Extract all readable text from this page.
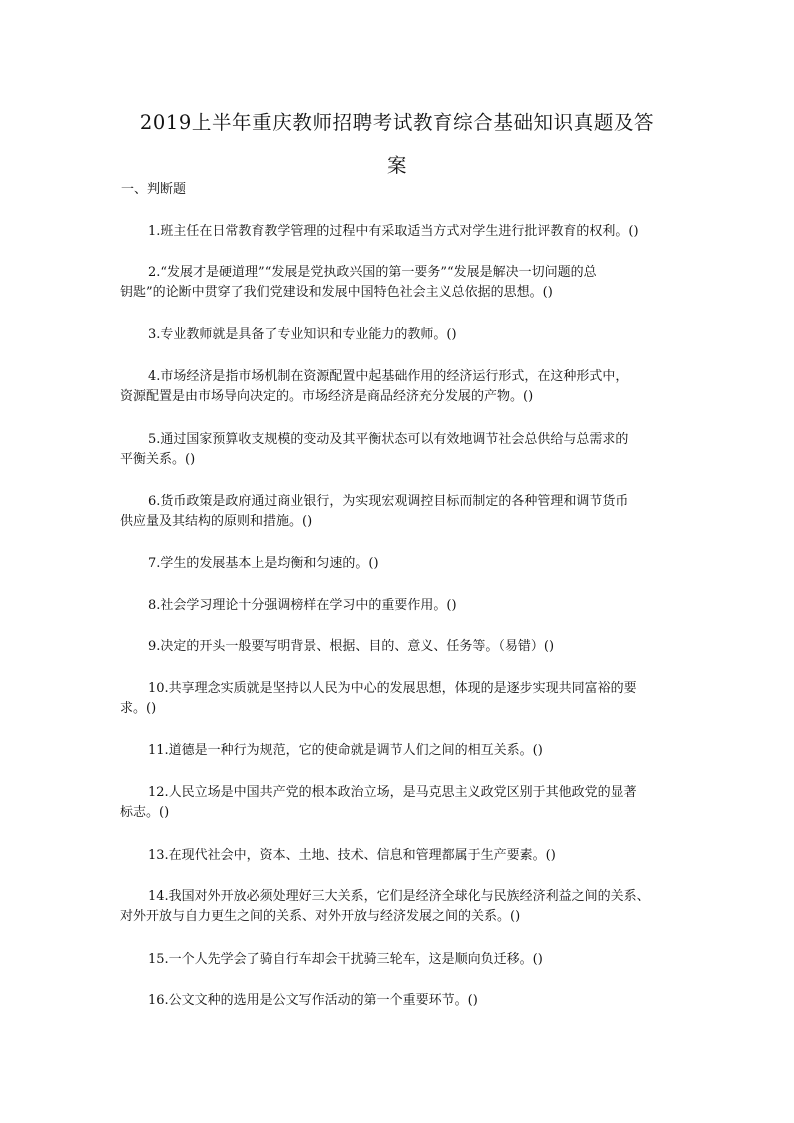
2019上半年重庆教师招聘考试教育综合基础知识真题及答
案

一、判断题

1.班主任在日常教育教学管理的过程中有采取适当方式对学生进行批评教育的权利。()

2.“发展才是硬道理”“发展是党执政兴国的第一要务”“发展是解决一切问题的总
钥匙”的论断中贯穿了我们党建设和发展中国特色社会主义总依据的思想。()

3.专业教师就是具备了专业知识和专业能力的教师。()

4.市场经济是指市场机制在资源配置中起基础作用的经济运行形式，在这种形式中，
资源配置是由市场导向决定的。市场经济是商品经济充分发展的产物。()

5.通过国家预算收支规模的变动及其平衡状态可以有效地调节社会总供给与总需求的
平衡关系。()

6.货币政策是政府通过商业银行，为实现宏观调控目标而制定的各种管理和调节货币
供应量及其结构的原则和措施。()

7.学生的发展基本上是均衡和匀速的。()

8.社会学习理论十分强调榜样在学习中的重要作用。()

9.决定的开头一般要写明背景、根据、目的、意义、任务等。（易错）()

10.共享理念实质就是坚持以人民为中心的发展思想，体现的是逐步实现共同富裕的要
求。()

11.道德是一种行为规范，它的使命就是调节人们之间的相互关系。()

12.人民立场是中国共产党的根本政治立场，是马克思主义政党区别于其他政党的显著
标志。()

13.在现代社会中，资本、土地、技术、信息和管理都属于生产要素。()

14.我国对外开放必须处理好三大关系，它们是经济全球化与民族经济利益之间的关系、
对外开放与自力更生之间的关系、对外开放与经济发展之间的关系。()

15.一个人先学会了骑自行车却会干扰骑三轮车，这是顺向负迁移。()

16.公文文种的选用是公文写作活动的第一个重要环节。()
